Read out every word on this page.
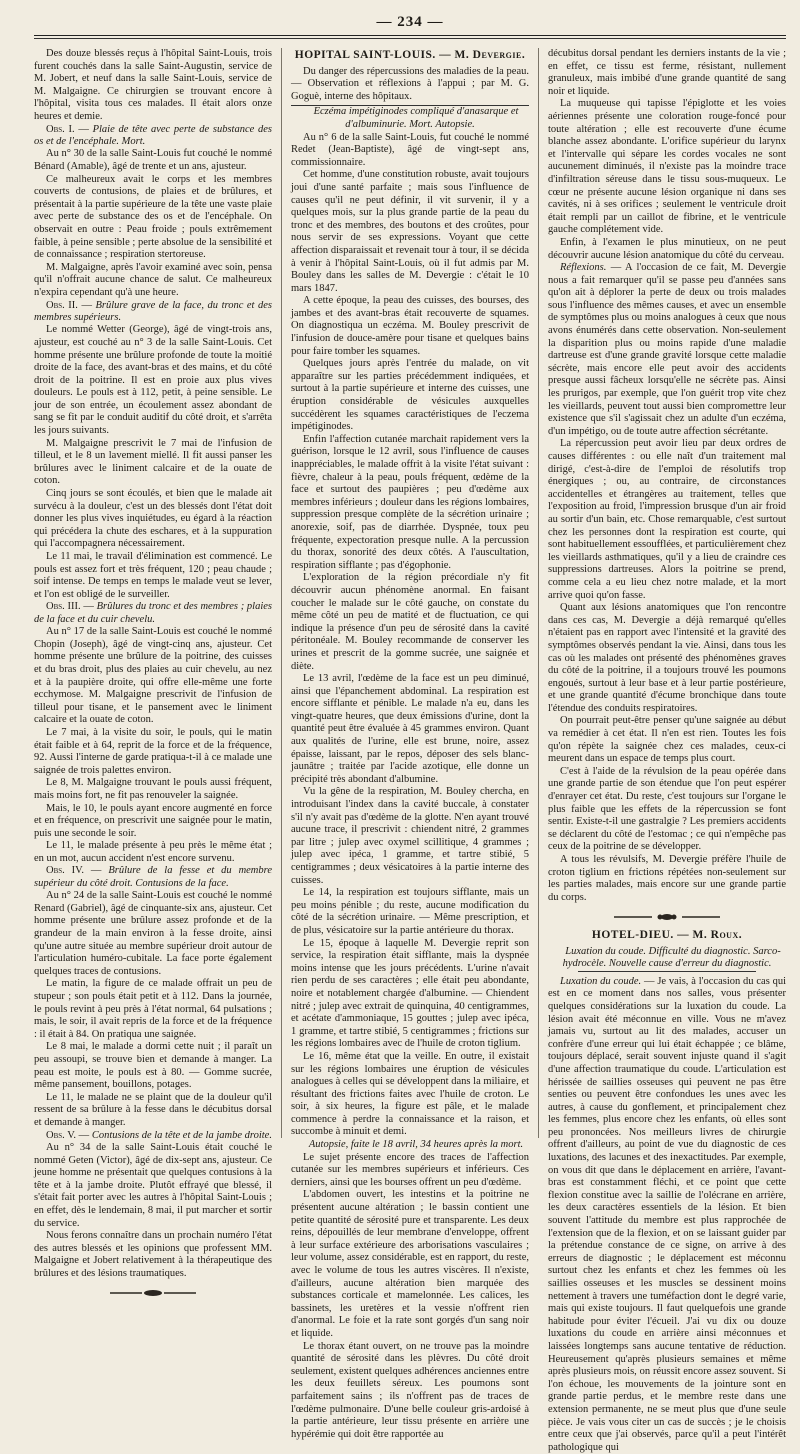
— 234 —

Des douze blessés reçus à l'hôpital Saint-Louis, trois furent couchés dans la salle Saint-Augustin, service de M. Jobert, et neuf dans la salle Saint-Louis, service de M. Malgaigne. Ce chirurgien se trouvant encore à l'hôpital, visita tous ces malades. Il était alors onze heures et demie.

Obs. I. — Plaie de tête avec perte de substance des os et de l'encéphale. Mort.

Au n° 30 de la salle Saint-Louis fut couché le nommé Bénard (Amable), âgé de trente et un ans, ajusteur.

Ce malheureux avait le corps et les membres couverts de contusions, de plaies et de brûlures, et présentait à la partie supérieure de la tête une vaste plaie avec perte de substance des os et de l'encéphale. On observait en outre : Peau froide ; pouls extrêmement faible, à peine sensible ; perte absolue de la sensibilité et de connaissance ; respiration stertoreuse.

M. Malgaigne, après l'avoir examiné avec soin, pensa qu'il n'offrait aucune chance de salut. Ce malheureux n'expira cependant qu'à une heure.

Obs. II. — Brûlure grave de la face, du tronc et des membres supérieurs.

Le nommé Wetter (George), âgé de vingt-trois ans, ajusteur, est couché au n° 3 de la salle Saint-Louis. Cet homme présente une brûlure profonde de toute la moitié droite de la face, des avant-bras et des mains, et du côté droit de la poitrine. Il est en proie aux plus vives douleurs. Le pouls est à 112, petit, à peine sensible. Le jour de son entrée, un écoulement assez abondant de sang se fit par le conduit auditif du côté droit, et s'arrêta les jours suivants.

M. Malgaigne prescrivit le 7 mai de l'infusion de tilleul, et le 8 un lavement miellé. Il fit aussi panser les brûlures avec le liniment calcaire et de la ouate de coton.

Cinq jours se sont écoulés, et bien que le malade ait survécu à la douleur, c'est un des blessés dont l'état doit donner les plus vives inquiétudes, eu égard à la réaction qui précédera la chute des eschares, et à la suppuration qui l'accompagnera nécessairement.

Le 11 mai, le travail d'élimination est commencé. Le pouls est assez fort et très fréquent, 120 ; peau chaude ; soif intense. De temps en temps le malade veut se lever, et l'on est obligé de le surveiller.

Obs. III. — Brûlures du tronc et des membres ; plaies de la face et du cuir chevelu.

Au n° 17 de la salle Saint-Louis est couché le nommé Chopin (Joseph), âgé de vingt-cinq ans, ajusteur. Cet homme présente une brûlure de la poitrine, des cuisses et du bras droit, plus des plaies au cuir chevelu, au nez et à la paupière droite, qui offre elle-même une forte ecchymose. M. Malgaigne prescrivit de l'infusion de tilleul pour tisane, et le pansement avec le liniment calcaire et la ouate de coton.

Le 7 mai, à la visite du soir, le pouls, qui le matin était faible et à 64, reprit de la force et de la fréquence, 92. Aussi l'interne de garde pratiqua-t-il à ce malade une saignée de trois palettes environ.

Le 8, M. Malgaigne trouvant le pouls aussi fréquent, mais moins fort, ne fit pas renouveler la saignée.

Mais, le 10, le pouls ayant encore augmenté en force et en fréquence, on prescrivit une saignée pour le matin, puis une seconde le soir.

Le 11, le malade présente à peu près le même état ; en un mot, aucun accident n'est encore survenu.

Obs. IV. — Brûlure de la fesse et du membre supérieur du côté droit. Contusions de la face.

Au n° 24 de la salle Saint-Louis est couché le nommé Renard (Gabriel), âgé de cinquante-six ans, ajusteur. Cet homme présente une brûlure assez profonde et de la grandeur de la main environ à la fesse droite, ainsi qu'une autre située au membre supérieur droit autour de l'articulation huméro-cubitale. La face porte également quelques traces de contusions.

Le matin, la figure de ce malade offrait un peu de stupeur ; son pouls était petit et à 112. Dans la journée, le pouls revint à peu près à l'état normal, 64 pulsations ; mais, le soir, il avait repris de la force et de la fréquence : il était à 84. On pratiqua une saignée.

Le 8 mai, le malade a dormi cette nuit ; il paraît un peu assoupi, se trouve bien et demande à manger. La peau est moite, le pouls est à 80. — Gomme sucrée, même pansement, bouillons, potages.

Le 11, le malade ne se plaint que de la douleur qu'il ressent de sa brûlure à la fesse dans le décubitus dorsal et demande à manger.

Obs. V. — Contusions de la tête et de la jambe droite.

Au n° 34 de la salle Saint-Louis était couché le nommé Geten (Victor), âgé de dix-sept ans, ajusteur. Ce jeune homme ne présentait que quelques contusions à la tête et à la jambe droite. Plutôt effrayé que blessé, il s'était fait porter avec les autres à l'hôpital Saint-Louis ; en effet, dès le lendemain, 8 mai, il put marcher et sortir du service.

Nous ferons connaître dans un prochain numéro l'état des autres blessés et les opinions que professent MM. Malgaigne et Jobert relativement à la thérapeutique des brûlures et des lésions traumatiques.

HOPITAL SAINT-LOUIS. — M. Devergie.

Du danger des répercussions des maladies de la peau. — Observation et réflexions à l'appui ; par M. G. Goguè, interne des hôpitaux.

Eczéma impétiginodes compliqué d'anasarque et d'albuminurie. Mort. Autopsie.

Au n° 6 de la salle Saint-Louis, fut couché le nommé Redet (Jean-Baptiste), âgé de vingt-sept ans, commissionnaire.

Cet homme, d'une constitution robuste, avait toujours joui d'une santé parfaite ; mais sous l'influence de causes qu'il ne peut définir, il vit survenir, il y a quelques mois, sur la plus grande partie de la peau du tronc et des membres, des boutons et des croûtes, pour nous servir de ses expressions. Voyant que cette affection disparaissait et revenait tour à tour, il se décida à venir à l'hôpital Saint-Louis, où il fut admis par M. Bouley dans les salles de M. Devergie : c'était le 10 mars 1847.

A cette époque, la peau des cuisses, des bourses, des jambes et des avant-bras était recouverte de squames. On diagnostiqua un eczéma. M. Bouley prescrivit de l'infusion de douce-amère pour tisane et quelques bains pour faire tomber les squames.

Quelques jours après l'entrée du malade, on vit apparaître sur les parties précédemment indiquées, et surtout à la partie supérieure et interne des cuisses, une éruption considérable de vésicules auxquelles succédèrent les squames caractéristiques de l'eczema impétiginodes.

Enfin l'affection cutanée marchait rapidement vers la guérison, lorsque le 12 avril, sous l'influence de causes inappréciables, le malade offrit à la visite l'état suivant : fièvre, chaleur à la peau, pouls fréquent, œdème de la face et surtout des paupières ; peu d'œdème aux membres inférieurs ; douleur dans les régions lombaires, suppression presque complète de la sécrétion urinaire ; anorexie, soif, pas de diarrhée. Dyspnée, toux peu fréquente, expectoration presque nulle. A la percussion du thorax, sonorité des deux côtés. A l'auscultation, respiration sifflante ; pas d'égophonie.

L'exploration de la région précordiale n'y fit découvrir aucun phénomène anormal. En faisant coucher le malade sur le côté gauche, on constate du même côté un peu de matité et de fluctuation, ce qui indique la présence d'un peu de sérosité dans la cavité péritonéale. M. Bouley recommande de conserver les urines et prescrit de la gomme sucrée, une saignée et diète.

Le 13 avril, l'œdème de la face est un peu diminué, ainsi que l'épanchement abdominal. La respiration est encore sifflante et pénible. Le malade n'a eu, dans les vingt-quatre heures, que deux émissions d'urine, dont la quantité peut être évaluée à 45 grammes environ. Quant aux qualités de l'urine, elle est brune, noire, assez épaisse, laissant, par le repos, déposer des sels blanc-jaunâtre ; traitée par l'acide azotique, elle donne un précipité très abondant d'albumine.

Vu la gêne de la respiration, M. Bouley chercha, en introduisant l'index dans la cavité buccale, à constater s'il n'y avait pas d'œdème de la glotte. N'en ayant trouvé aucune trace, il prescrivit : chiendent nitré, 2 grammes par litre ; julep avec oxymel scillitique, 4 grammes ; julep avec ipéca, 1 gramme, et tartre stibié, 5 centigrammes ; deux vésicatoires à la partie interne des cuisses.

Le 14, la respiration est toujours sifflante, mais un peu moins pénible ; du reste, aucune modification du côté de la sécrétion urinaire. — Même prescription, et de plus, vésicatoire sur la partie antérieure du thorax.

Le 15, époque à laquelle M. Devergie reprit son service, la respiration était sifflante, mais la dyspnée moins intense que les jours précédents. L'urine n'avait rien perdu de ses caractères ; elle était peu abondante, noire et notablement chargée d'albumine. — Chiendent nitré ; julep avec extrait de quinquina, 40 centigrammes, et acétate d'ammoniaque, 15 gouttes ; julep avec ipéca, 1 gramme, et tartre stibié, 5 centigrammes ; frictions sur les régions lombaires avec de l'huile de croton tiglium.

Le 16, même état que la veille. En outre, il existait sur les régions lombaires une éruption de vésicules analogues à celles qui se développent dans la miliaire, et résultant des frictions faites avec l'huile de croton. Le soir, à six heures, la figure est pâle, et le malade commence à perdre la connaissance et la raison, et succombe à minuit et demi.

Autopsie, faite le 18 avril, 34 heures après la mort.

Le sujet présente encore des traces de l'affection cutanée sur les membres supérieurs et inférieurs. Ces derniers, ainsi que les bourses offrent un peu d'œdème.

L'abdomen ouvert, les intestins et la poitrine ne présentent aucune altération ; le bassin contient une petite quantité de sérosité pure et transparente. Les deux reins, dépouillés de leur membrane d'enveloppe, offrent à leur surface extérieure des arborisations vasculaires ; leur volume, assez considérable, est en rapport, du reste, avec le volume de tous les autres viscères. Il n'existe, d'ailleurs, aucune altération bien marquée des substances corticale et mamelonnée. Les calices, les bassinets, les uretères et la vessie n'offrent rien d'anormal. Le foie et la rate sont gorgés d'un sang noir et liquide.

Le thorax étant ouvert, on ne trouve pas la moindre quantité de sérosité dans les plèvres. Du côté droit seulement, existent quelques adhérences anciennes entre les deux feuillets séreux. Les poumons sont parfaitement sains ; ils n'offrent pas de traces de l'œdème pulmonaire. D'une belle couleur gris-ardoisé à la partie antérieure, leur tissu présente en arrière une hypérémie qui doit être rapportée au

décubitus dorsal pendant les derniers instants de la vie ; en effet, ce tissu est ferme, résistant, nullement granuleux, mais imbibé d'une grande quantité de sang noir et liquide.

La muqueuse qui tapisse l'épiglotte et les voies aériennes présente une coloration rouge-foncé pour toute altération ; elle est recouverte d'une écume blanche assez abondante. L'orifice supérieur du larynx et l'intervalle qui sépare les cordes vocales ne sont aucunement diminués, il n'existe pas la moindre trace d'infiltration séreuse dans le tissu sous-muqueux. Le cœur ne présente aucune lésion organique ni dans ses cavités, ni à ses orifices ; seulement le ventricule droit était rempli par un caillot de fibrine, et le ventricule gauche complétement vide.

Enfin, à l'examen le plus minutieux, on ne peut découvrir aucune lésion anatomique du côté du cerveau.

Réflexions. — A l'occasion de ce fait, M. Devergie nous a fait remarquer qu'il se passe peu d'années sans qu'on ait à déplorer la perte de deux ou trois malades sous l'influence des mêmes causes, et avec un ensemble de symptômes plus ou moins analogues à ceux que nous avons énumérés dans cette observation. Non-seulement la disparition plus ou moins rapide d'une maladie dartreuse est d'une grande gravité lorsque cette maladie sécrète, mais encore elle peut avoir des accidents presque aussi fâcheux lorsqu'elle ne sécrète pas. Ainsi les prurigos, par exemple, que l'on guérit trop vite chez les vieillards, peuvent tout aussi bien compromettre leur existence que s'il s'agissait chez un adulte d'un eczéma, d'un impétigo, ou de toute autre affection sécrétante.

La répercussion peut avoir lieu par deux ordres de causes différentes : ou elle naît d'un traitement mal dirigé, c'est-à-dire de l'emploi de résolutifs trop énergiques ; ou, au contraire, de circonstances accidentelles et étrangères au traitement, telles que l'exposition au froid, l'impression brusque d'un air froid au sortir d'un bain, etc. Chose remarquable, c'est surtout chez les personnes dont la respiration est courte, qui sont habituellement essoufflées, et particulièrement chez les vieillards asthmatiques, qu'il y a lieu de craindre ces suppressions dartreuses. Alors la poitrine se prend, comme cela a eu lieu chez notre malade, et la mort arrive quoi qu'on fasse.

Quant aux lésions anatomiques que l'on rencontre dans ces cas, M. Devergie a déjà remarqué qu'elles n'étaient pas en rapport avec l'intensité et la gravité des symptômes observés pendant la vie. Ainsi, dans tous les cas où les malades ont présenté des phénomènes graves du côté de la poitrine, il a toujours trouvé les poumons engoués, surtout à leur base et à leur partie postérieure, et une grande quantité d'écume bronchique dans toute l'étendue des conduits respiratoires.

On pourrait peut-être penser qu'une saignée au début va remédier à cet état. Il n'en est rien. Toutes les fois qu'on répète la saignée chez ces malades, ceux-ci meurent dans un espace de temps plus court.

C'est à l'aide de la révulsion de la peau opérée dans une grande partie de son étendue que l'on peut espérer d'enrayer cet état. Du reste, c'est toujours sur l'organe le plus faible que les effets de la répercussion se font sentir. Existe-t-il une gastralgie ? Les premiers accidents se déclarent du côté de l'estomac ; ce qui n'empêche pas ceux de la poitrine de se développer.

A tous les révulsifs, M. Devergie préfère l'huile de croton tiglium en frictions répétées non-seulement sur les parties malades, mais encore sur une grande partie du corps.

HOTEL-DIEU. — M. Roux.

Luxation du coude. Difficulté du diagnostic. Sarco-hydrocèle. Nouvelle cause d'erreur du diagnostic.

Luxation du coude. — Je vais, à l'occasion du cas qui est en ce moment dans nos salles, vous présenter quelques considérations sur la luxation du coude. La lésion avait été méconnue en ville. Vous ne m'avez jamais vu, surtout au lit des malades, accuser un confrère d'une erreur qui lui était échappée ; ce blâme, toujours déplacé, serait souvent injuste quand il s'agit d'une affection traumatique du coude. L'articulation est hérissée de saillies osseuses qui peuvent ne pas être senties ou peuvent être confondues les unes avec les autres, à cause du gonflement, et principalement chez les femmes, plus encore chez les enfants, où elles sont peu prononcées. Nos meilleurs livres de chirurgie offrent d'ailleurs, au point de vue du diagnostic de ces luxations, des lacunes et des inexactitudes. Par exemple, on vous dit que dans le déplacement en arrière, l'avant-bras est constamment fléchi, et ce point que cette flexion constitue avec la saillie de l'olécrane en arrière, les deux caractères essentiels de la lésion. Et bien souvent l'attitude du membre est plus rapprochée de l'extension que de la flexion, et on se laissant guider par la prétendue constance de ce signe, on arrive à des erreurs de diagnostic ; le déplacement est méconnu surtout chez les enfants et chez les femmes où les saillies osseuses et les muscles se dessinent moins nettement à travers une tuméfaction dont le degré varie, mais qui existe toujours. Il faut quelquefois une grande habitude pour éviter l'écueil. J'ai vu dix ou douze luxations du coude en arrière ainsi méconnues et laissées longtemps sans aucune tentative de réduction. Heureusement qu'après plusieurs semaines et même après plusieurs mois, on réussit encore assez souvent. Si l'on échoue, les mouvements de la jointure sont en grande partie perdus, et le membre reste dans une extension permanente, ne se meut plus que d'une seule pièce. Je vais vous citer un cas de succès ; je le choisis entre ceux que j'ai observés, parce qu'il a peut l'intérêt pathologique qui
